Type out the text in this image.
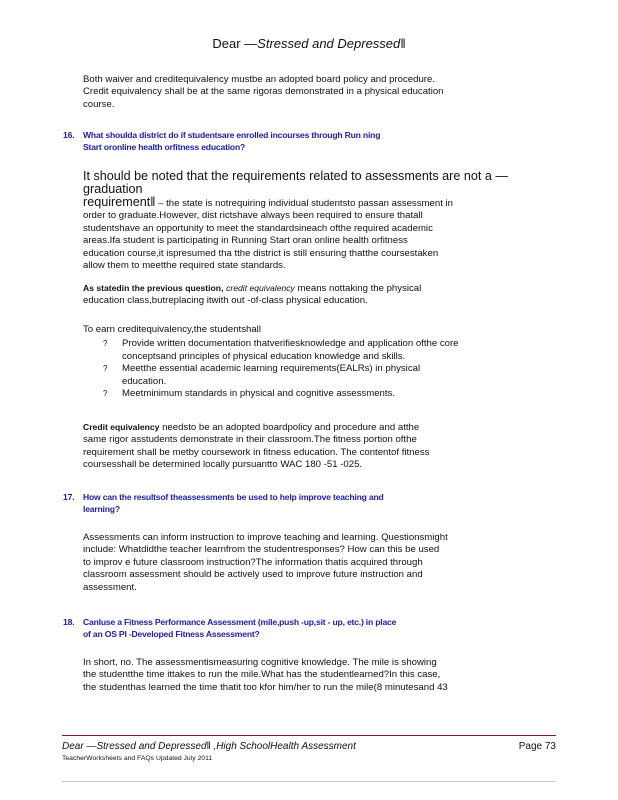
Dear —Stressed and Depressed‖

Both waiver and creditequivalency mustbe an adopted board policy and procedure.

Credit equivalency shall be at the same rigoras demonstrated in a physical education

course.

16. What shoulda district do if studentsare enrolled incourses through Run ning
Start oronline health orfitness education?

It should be noted that the requirements related to assessments are not a —graduation

requirement‖ – the state is notrequiring individual studentsto passan assessment in

order to graduate.However, dist rictshave always been required to ensure thatall

studentshave an opportunity to meet the standardsineach ofthe required academic

areas.Ifa student is participating in Running Start oran online health orfitness

education course,it ispresumed tha tthe district is still ensuring thatthe coursestaken

allow them to meetthe required state standards.

As statedin the previous question, credit equivalency means nottaking the physical

education class,butreplacing itwith out -of-class physical education.

To earn creditequivalency,the studentshall

? Provide written documentation thatverifiesknowledge and application ofthe core
conceptsand principles of physical education knowledge and skills.
? Meetthe essential academic learning requirements(EALRs) in physical
education.
? Meetminimum standards in physical and cognitive assessments.

Credit equivalency needsto be an adopted boardpolicy and procedure and atthe

same rigor asstudents demonstrate in their classroom.The fitness portion ofthe

requirement shall be metby coursework in fitness education. The contentof fitness

coursesshall be determined locally pursuantto WAC 180 -51 -025.

17. How can the resultsof theassessments be used to help improve teaching and
learning?

Assessments can inform instruction to improve teaching and learning. Questionsmight

include: Whatdidthe teacher learnfrom the studentresponses? How can this be used

to improv e future classroom instruction?The information thatis acquired through

classroom assessment should be actively used to improve future instruction and

assessment.

18. Canluse a Fitness Performance Assessment (mile,push -up,sit - up, etc.) in place
of an OS PI -Developed Fitness Assessment?

In short, no. The assessmentismeasuring cognitive knowledge. The mile is showing

the studentthe time ittakes to run the mile.What has the studentlearned?In this case,

the studenthas learned the time thatit too kfor him/her to run the mile(8 minutesand 43

Dear —Stressed and Depressed‖ ,High SchoolHealth Assessment	Page 73
TeacherWorksheets and FAQs Updated July 2011
